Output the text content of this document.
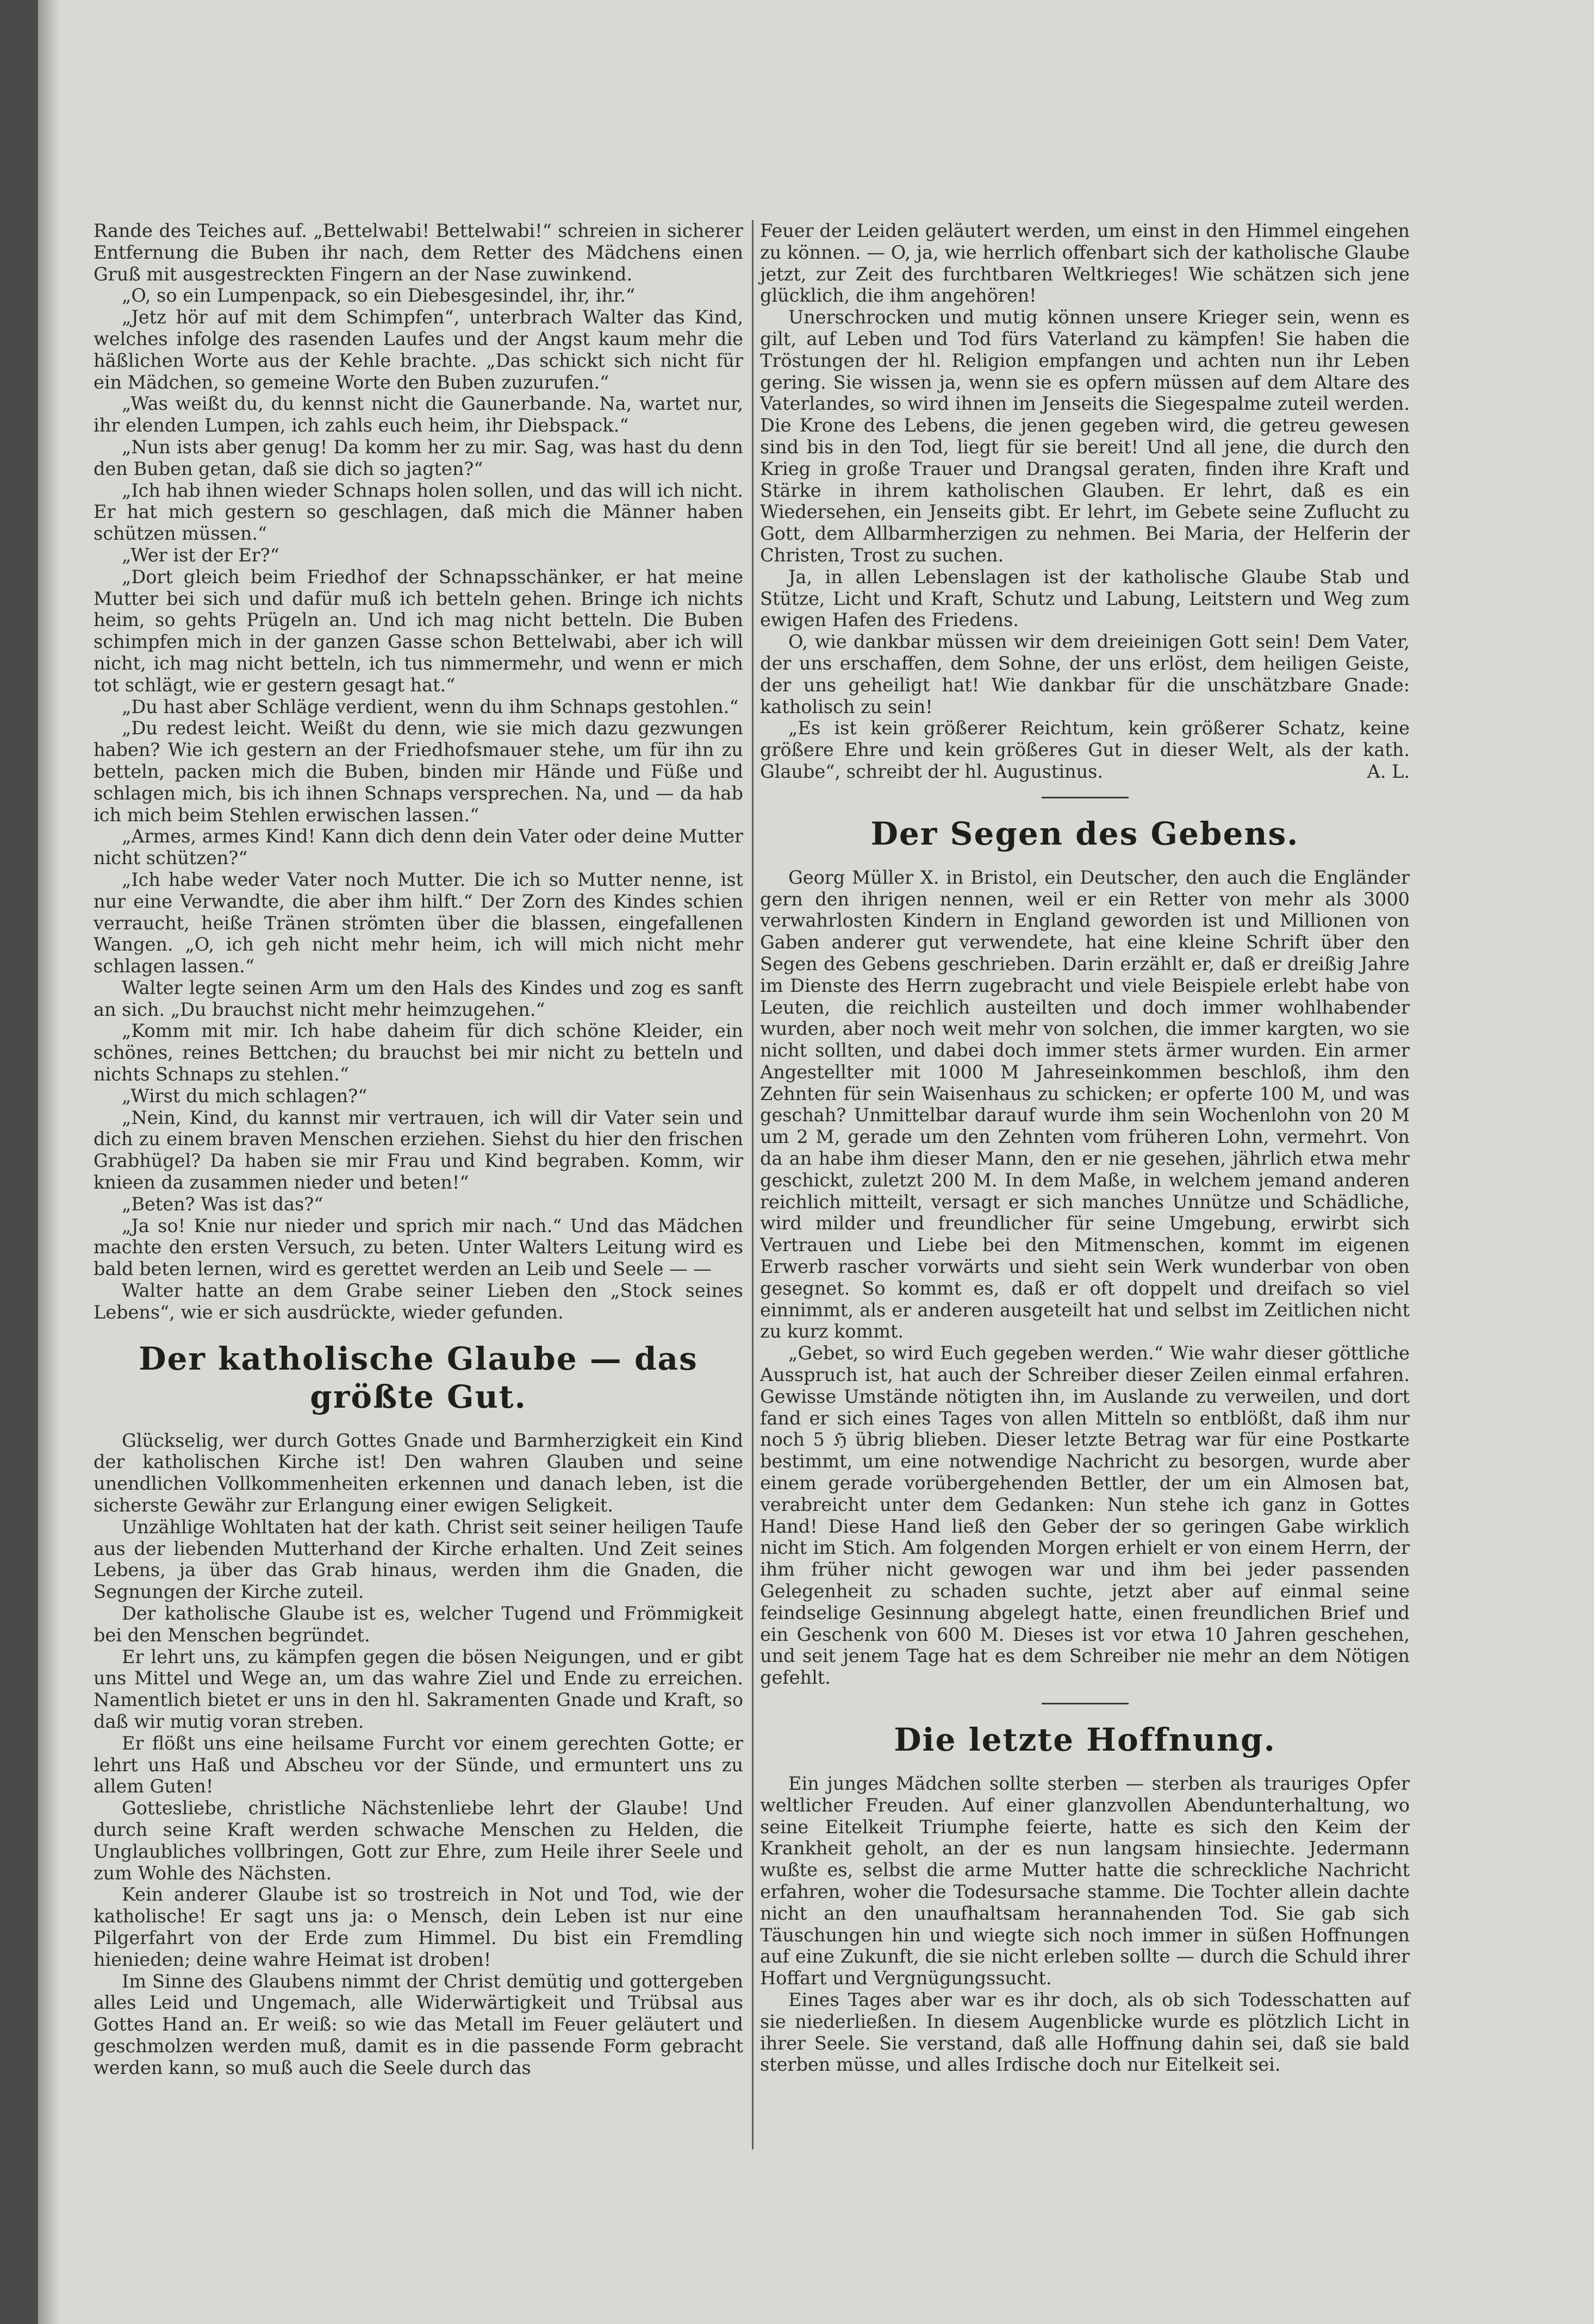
Rande des Teiches auf. „Bettelwabi! Bettelwabi!“ schreien in sicherer Entfernung die Buben ihr nach, dem Retter des Mädchens einen Gruß mit ausgestreckten Fingern an der Nase zuwinkend.

„O, so ein Lumpenpack, so ein Diebesgesindel, ihr, ihr.“

„Jetz hör auf mit dem Schimpfen“, unterbrach Walter das Kind, welches infolge des rasenden Laufes und der Angst kaum mehr die häßlichen Worte aus der Kehle brachte. „Das schickt sich nicht für ein Mädchen, so gemeine Worte den Buben zuzurufen.“

„Was weißt du, du kennst nicht die Gaunerbande. Na, wartet nur, ihr elenden Lumpen, ich zahls euch heim, ihr Diebspack.“

„Nun ists aber genug! Da komm her zu mir. Sag, was hast du denn den Buben getan, daß sie dich so jagten?“

„Ich hab ihnen wieder Schnaps holen sollen, und das will ich nicht. Er hat mich gestern so geschlagen, daß mich die Männer haben schützen müssen.“

„Wer ist der Er?“

„Dort gleich beim Friedhof der Schnapsschänker, er hat meine Mutter bei sich und dafür muß ich betteln gehen. Bringe ich nichts heim, so gehts Prügeln an. Und ich mag nicht betteln. Die Buben schimpfen mich in der ganzen Gasse schon Bettelwabi, aber ich will nicht, ich mag nicht betteln, ich tus nimmermehr, und wenn er mich tot schlägt, wie er gestern gesagt hat.“

„Du hast aber Schläge verdient, wenn du ihm Schnaps gestohlen.“

„Du redest leicht. Weißt du denn, wie sie mich dazu gezwungen haben? Wie ich gestern an der Friedhofsmauer stehe, um für ihn zu betteln, packen mich die Buben, binden mir Hände und Füße und schlagen mich, bis ich ihnen Schnaps versprechen. Na, und — da hab ich mich beim Stehlen erwischen lassen.“

„Armes, armes Kind! Kann dich denn dein Vater oder deine Mutter nicht schützen?“

„Ich habe weder Vater noch Mutter. Die ich so Mutter nenne, ist nur eine Verwandte, die aber ihm hilft.“ Der Zorn des Kindes schien verraucht, heiße Tränen strömten über die blassen, eingefallenen Wangen. „O, ich geh nicht mehr heim, ich will mich nicht mehr schlagen lassen.“

Walter legte seinen Arm um den Hals des Kindes und zog es sanft an sich. „Du brauchst nicht mehr heimzugehen.“

„Komm mit mir. Ich habe daheim für dich schöne Kleider, ein schönes, reines Bettchen; du brauchst bei mir nicht zu betteln und nichts Schnaps zu stehlen.“

„Wirst du mich schlagen?“

„Nein, Kind, du kannst mir vertrauen, ich will dir Vater sein und dich zu einem braven Menschen erziehen. Siehst du hier den frischen Grabhügel? Da haben sie mir Frau und Kind begraben. Komm, wir knieen da zusammen nieder und beten!“

„Beten? Was ist das?“

„Ja so! Knie nur nieder und sprich mir nach.“ Und das Mädchen machte den ersten Versuch, zu beten. Unter Walters Leitung wird es bald beten lernen, wird es gerettet werden an Leib und Seele — —

Walter hatte an dem Grabe seiner Lieben den „Stock seines Lebens“, wie er sich ausdrückte, wieder gefunden.

Der katholische Glaube — das größte Gut.

Glückselig, wer durch Gottes Gnade und Barmherzigkeit ein Kind der katholischen Kirche ist! Den wahren Glauben und seine unendlichen Vollkommenheiten erkennen und danach leben, ist die sicherste Gewähr zur Erlangung einer ewigen Seligkeit.

Unzählige Wohltaten hat der kath. Christ seit seiner heiligen Taufe aus der liebenden Mutterhand der Kirche erhalten. Und Zeit seines Lebens, ja über das Grab hinaus, werden ihm die Gnaden, die Segnungen der Kirche zuteil.

Der katholische Glaube ist es, welcher Tugend und Frömmigkeit bei den Menschen begründet.

Er lehrt uns, zu kämpfen gegen die bösen Neigungen, und er gibt uns Mittel und Wege an, um das wahre Ziel und Ende zu erreichen. Namentlich bietet er uns in den hl. Sakramenten Gnade und Kraft, so daß wir mutig voran streben.

Er flößt uns eine heilsame Furcht vor einem gerechten Gotte; er lehrt uns Haß und Abscheu vor der Sünde, und ermuntert uns zu allem Guten!

Gottesliebe, christliche Nächstenliebe lehrt der Glaube! Und durch seine Kraft werden schwache Menschen zu Helden, die Unglaubliches vollbringen, Gott zur Ehre, zum Heile ihrer Seele und zum Wohle des Nächsten.

Kein anderer Glaube ist so trostreich in Not und Tod, wie der katholische! Er sagt uns ja: o Mensch, dein Leben ist nur eine Pilgerfahrt von der Erde zum Himmel. Du bist ein Fremdling hienieden; deine wahre Heimat ist droben!

Im Sinne des Glaubens nimmt der Christ demütig und gottergeben alles Leid und Ungemach, alle Widerwärtigkeit und Trübsal aus Gottes Hand an. Er weiß: so wie das Metall im Feuer geläutert und geschmolzen werden muß, damit es in die passende Form gebracht werden kann, so muß auch die Seele durch das

Feuer der Leiden geläutert werden, um einst in den Himmel eingehen zu können. — O, ja, wie herrlich offenbart sich der katholische Glaube jetzt, zur Zeit des furchtbaren Weltkrieges! Wie schätzen sich jene glücklich, die ihm angehören!

Unerschrocken und mutig können unsere Krieger sein, wenn es gilt, auf Leben und Tod fürs Vaterland zu kämpfen! Sie haben die Tröstungen der hl. Religion empfangen und achten nun ihr Leben gering. Sie wissen ja, wenn sie es opfern müssen auf dem Altare des Vaterlandes, so wird ihnen im Jenseits die Siegespalme zuteil werden. Die Krone des Lebens, die jenen gegeben wird, die getreu gewesen sind bis in den Tod, liegt für sie bereit! Und all jene, die durch den Krieg in große Trauer und Drangsal geraten, finden ihre Kraft und Stärke in ihrem katholischen Glauben. Er lehrt, daß es ein Wiedersehen, ein Jenseits gibt. Er lehrt, im Gebete seine Zuflucht zu Gott, dem Allbarmherzigen zu nehmen. Bei Maria, der Helferin der Christen, Trost zu suchen.

Ja, in allen Lebenslagen ist der katholische Glaube Stab und Stütze, Licht und Kraft, Schutz und Labung, Leitstern und Weg zum ewigen Hafen des Friedens.

O, wie dankbar müssen wir dem dreieinigen Gott sein! Dem Vater, der uns erschaffen, dem Sohne, der uns erlöst, dem heiligen Geiste, der uns geheiligt hat! Wie dankbar für die unschätzbare Gnade: katholisch zu sein!

„Es ist kein größerer Reichtum, kein größerer Schatz, keine größere Ehre und kein größeres Gut in dieser Welt, als der kath. Glaube“, schreibt der hl. Augustinus.	A. L.

Der Segen des Gebens.

Georg Müller X. in Bristol, ein Deutscher, den auch die Engländer gern den ihrigen nennen, weil er ein Retter von mehr als 3000 verwahrlosten Kindern in England geworden ist und Millionen von Gaben anderer gut verwendete, hat eine kleine Schrift über den Segen des Gebens geschrieben. Darin erzählt er, daß er dreißig Jahre im Dienste des Herrn zugebracht und viele Beispiele erlebt habe von Leuten, die reichlich austeilten und doch immer wohlhabender wurden, aber noch weit mehr von solchen, die immer kargten, wo sie nicht sollten, und dabei doch immer stets ärmer wurden. Ein armer Angestellter mit 1000 M Jahreseinkommen beschloß, ihm den Zehnten für sein Waisenhaus zu schicken; er opferte 100 M, und was geschah? Unmittelbar darauf wurde ihm sein Wochenlohn von 20 M um 2 M, gerade um den Zehnten vom früheren Lohn, vermehrt. Von da an habe ihm dieser Mann, den er nie gesehen, jährlich etwa mehr geschickt, zuletzt 200 M. In dem Maße, in welchem jemand anderen reichlich mitteilt, versagt er sich manches Unnütze und Schädliche, wird milder und freundlicher für seine Umgebung, erwirbt sich Vertrauen und Liebe bei den Mitmenschen, kommt im eigenen Erwerb rascher vorwärts und sieht sein Werk wunderbar von oben gesegnet. So kommt es, daß er oft doppelt und dreifach so viel einnimmt, als er anderen ausgeteilt hat und selbst im Zeitlichen nicht zu kurz kommt.

„Gebet, so wird Euch gegeben werden.“ Wie wahr dieser göttliche Ausspruch ist, hat auch der Schreiber dieser Zeilen einmal erfahren. Gewisse Umstände nötigten ihn, im Auslande zu verweilen, und dort fand er sich eines Tages von allen Mitteln so entblößt, daß ihm nur noch 5 ℌ übrig blieben. Dieser letzte Betrag war für eine Postkarte bestimmt, um eine notwendige Nachricht zu besorgen, wurde aber einem gerade vorübergehenden Bettler, der um ein Almosen bat, verabreicht unter dem Gedanken: Nun stehe ich ganz in Gottes Hand! Diese Hand ließ den Geber der so geringen Gabe wirklich nicht im Stich. Am folgenden Morgen erhielt er von einem Herrn, der ihm früher nicht gewogen war und ihm bei jeder passenden Gelegenheit zu schaden suchte, jetzt aber auf einmal seine feindselige Gesinnung abgelegt hatte, einen freundlichen Brief und ein Geschenk von 600 M. Dieses ist vor etwa 10 Jahren geschehen, und seit jenem Tage hat es dem Schreiber nie mehr an dem Nötigen gefehlt.

Die letzte Hoffnung.

Ein junges Mädchen sollte sterben — sterben als trauriges Opfer weltlicher Freuden. Auf einer glanzvollen Abendunterhaltung, wo seine Eitelkeit Triumphe feierte, hatte es sich den Keim der Krankheit geholt, an der es nun langsam hinsiechte. Jedermann wußte es, selbst die arme Mutter hatte die schreckliche Nachricht erfahren, woher die Todesursache stamme. Die Tochter allein dachte nicht an den unaufhaltsam herannahenden Tod. Sie gab sich Täuschungen hin und wiegte sich noch immer in süßen Hoffnungen auf eine Zukunft, die sie nicht erleben sollte — durch die Schuld ihrer Hoffart und Vergnügungssucht.

Eines Tages aber war es ihr doch, als ob sich Todesschatten auf sie niederließen. In diesem Augenblicke wurde es plötzlich Licht in ihrer Seele. Sie verstand, daß alle Hoffnung dahin sei, daß sie bald sterben müsse, und alles Irdische doch nur Eitelkeit sei.
